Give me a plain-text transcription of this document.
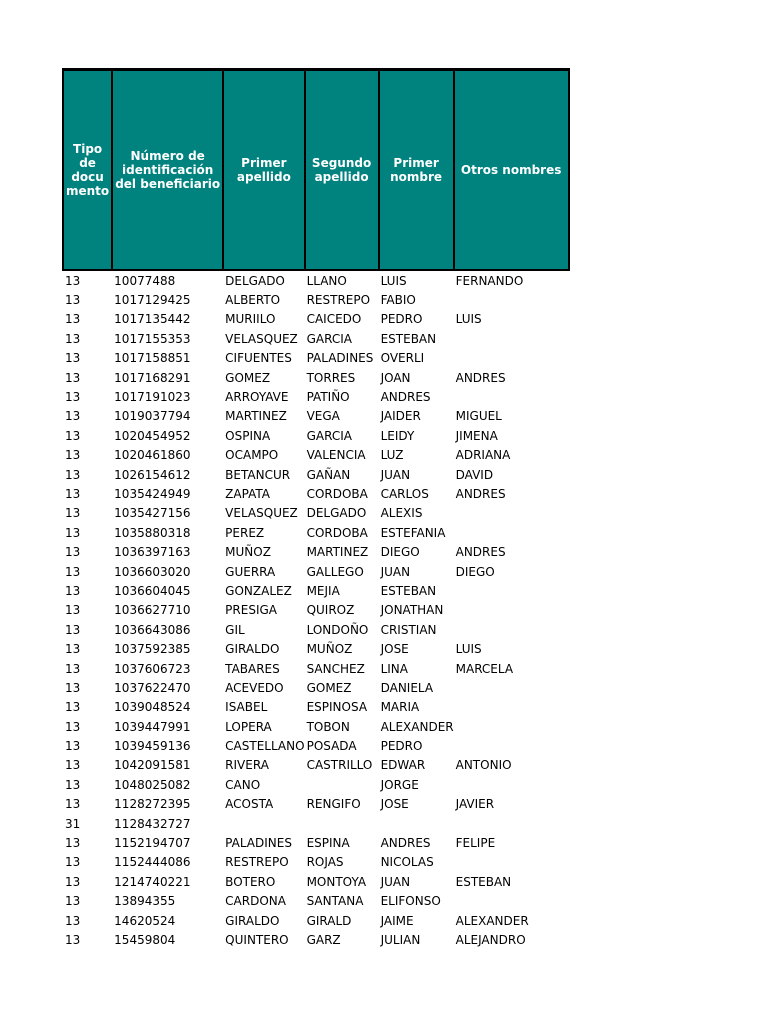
Tipo de docu mento	Número de identificación del beneficiario	Primer apellido	Segundo apellido	Primer nombre	Otros nombres
13	10077488	DELGADO	LLANO	LUIS	FERNANDO
13	1017129425	ALBERTO	RESTREPO	FABIO	
13	1017135442	MURIILO	CAICEDO	PEDRO	LUIS
13	1017155353	VELASQUEZ	GARCIA	ESTEBAN	
13	1017158851	CIFUENTES	PALADINES	OVERLI	
13	1017168291	GOMEZ	TORRES	JOAN	ANDRES
13	1017191023	ARROYAVE	PATIÑO	ANDRES	
13	1019037794	MARTINEZ	VEGA	JAIDER	MIGUEL
13	1020454952	OSPINA	GARCIA	LEIDY	JIMENA
13	1020461860	OCAMPO	VALENCIA	LUZ	ADRIANA
13	1026154612	BETANCUR	GAÑAN	JUAN	DAVID
13	1035424949	ZAPATA	CORDOBA	CARLOS	ANDRES
13	1035427156	VELASQUEZ	DELGADO	ALEXIS	
13	1035880318	PEREZ	CORDOBA	ESTEFANIA	
13	1036397163	MUÑOZ	MARTINEZ	DIEGO	ANDRES
13	1036603020	GUERRA	GALLEGO	JUAN	DIEGO
13	1036604045	GONZALEZ	MEJIA	ESTEBAN	
13	1036627710	PRESIGA	QUIROZ	JONATHAN	
13	1036643086	GIL	LONDOÑO	CRISTIAN	
13	1037592385	GIRALDO	MUÑOZ	JOSE	LUIS
13	1037606723	TABARES	SANCHEZ	LINA	MARCELA
13	1037622470	ACEVEDO	GOMEZ	DANIELA	
13	1039048524	ISABEL	ESPINOSA	MARIA	
13	1039447991	LOPERA	TOBON	ALEXANDER	
13	1039459136	CASTELLANO	POSADA	PEDRO	
13	1042091581	RIVERA	CASTRILLO	EDWAR	ANTONIO
13	1048025082	CANO		JORGE	
13	1128272395	ACOSTA	RENGIFO	JOSE	JAVIER
31	1128432727				
13	1152194707	PALADINES	ESPINA	ANDRES	FELIPE
13	1152444086	RESTREPO	ROJAS	NICOLAS	
13	1214740221	BOTERO	MONTOYA	JUAN	ESTEBAN
13	13894355	CARDONA	SANTANA	ELIFONSO	
13	14620524	GIRALDO	GIRALD	JAIME	ALEXANDER
13	15459804	QUINTERO	GARZ	JULIAN	ALEJANDRO
